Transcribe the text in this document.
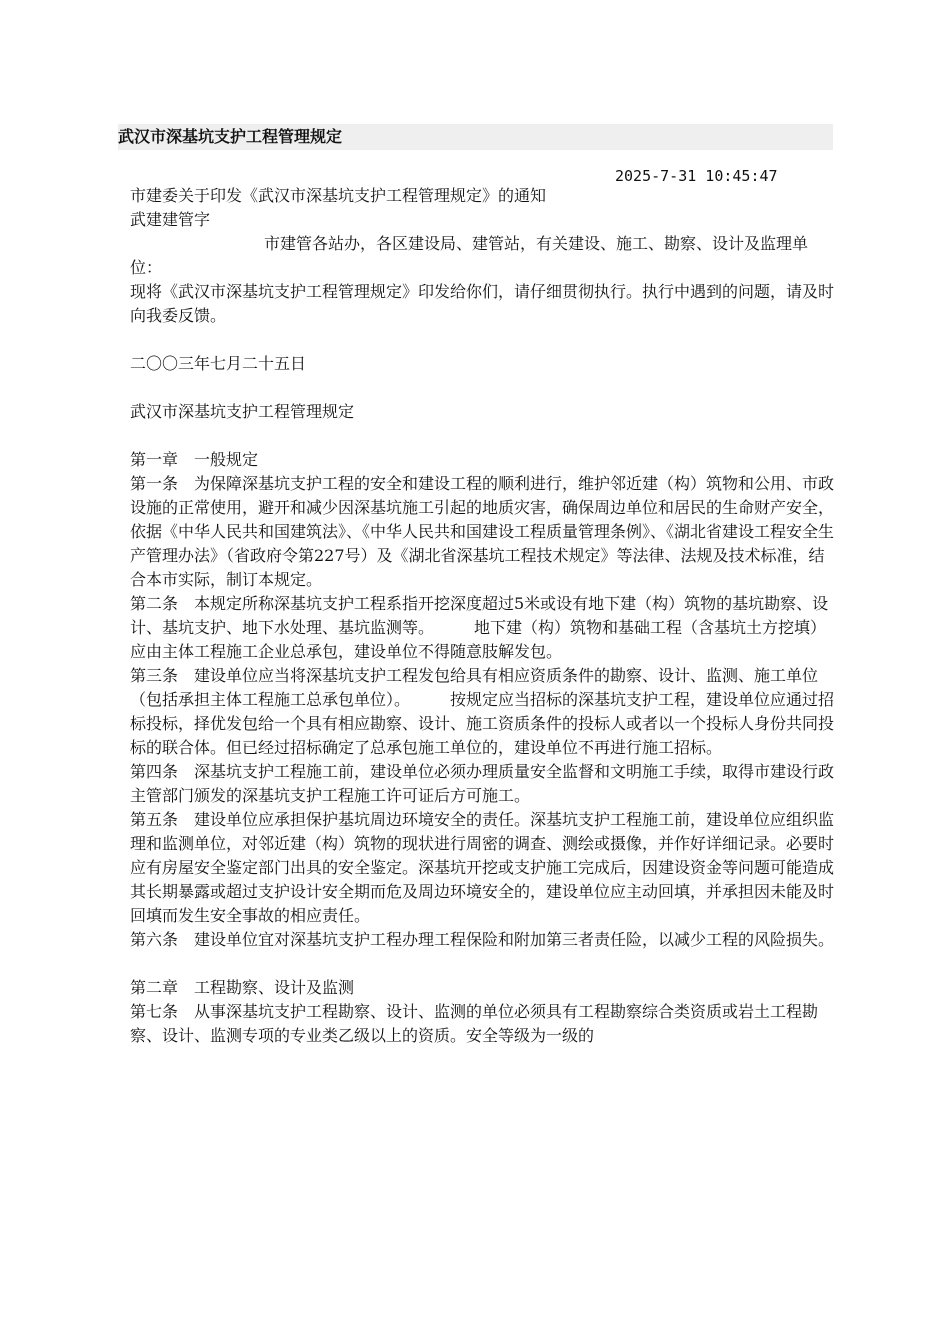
武汉市深基坑支护工程管理规定
2025-7-31 10:45:47

市建委关于印发《武汉市深基坑支护工程管理规定》的通知

武建建管字

市建管各站办，各区建设局、建管站，有关建设、施工、勘察、设计及监理单位：

现将《武汉市深基坑支护工程管理规定》印发给你们，请仔细贯彻执行。执行中遇到的问题，请及时向我委反馈。

二〇〇三年七月二十五日

武汉市深基坑支护工程管理规定

第一章　一般规定

第一条　为保障深基坑支护工程的安全和建设工程的顺利进行，维护邻近建（构）筑物和公用、市政设施的正常使用，避开和减少因深基坑施工引起的地质灾害，确保周边单位和居民的生命财产安全，依据《中华人民共和国建筑法》、《中华人民共和国建设工程质量管理条例》、《湖北省建设工程安全生产管理办法》（省政府令第227号）及《湖北省深基坑工程技术规定》等法律、法规及技术标准，结合本市实际，制订本规定。

第二条　本规定所称深基坑支护工程系指开挖深度超过5米或设有地下建（构）筑物的基坑勘察、设计、基坑支护、地下水处理、基坑监测等。　　　地下建（构）筑物和基础工程（含基坑土方挖填）应由主体工程施工企业总承包，建设单位不得随意肢解发包。

第三条　建设单位应当将深基坑支护工程发包给具有相应资质条件的勘察、设计、监测、施工单位（包括承担主体工程施工总承包单位）。　　　按规定应当招标的深基坑支护工程，建设单位应通过招标投标，择优发包给一个具有相应勘察、设计、施工资质条件的投标人或者以一个投标人身份共同投标的联合体。但已经过招标确定了总承包施工单位的，建设单位不再进行施工招标。

第四条　深基坑支护工程施工前，建设单位必须办理质量安全监督和文明施工手续，取得市建设行政主管部门颁发的深基坑支护工程施工许可证后方可施工。

第五条　建设单位应承担保护基坑周边环境安全的责任。深基坑支护工程施工前，建设单位应组织监理和监测单位，对邻近建（构）筑物的现状进行周密的调查、测绘或摄像，并作好详细记录。必要时应有房屋安全鉴定部门出具的安全鉴定。深基坑开挖或支护施工完成后，因建设资金等问题可能造成其长期暴露或超过支护设计安全期而危及周边环境安全的，建设单位应主动回填，并承担因未能及时回填而发生安全事故的相应责任。

第六条　建设单位宜对深基坑支护工程办理工程保险和附加第三者责任险，以减少工程的风险损失。

第二章　工程勘察、设计及监测

第七条　从事深基坑支护工程勘察、设计、监测的单位必须具有工程勘察综合类资质或岩土工程勘察、设计、监测专项的专业类乙级以上的资质。安全等级为一级的
